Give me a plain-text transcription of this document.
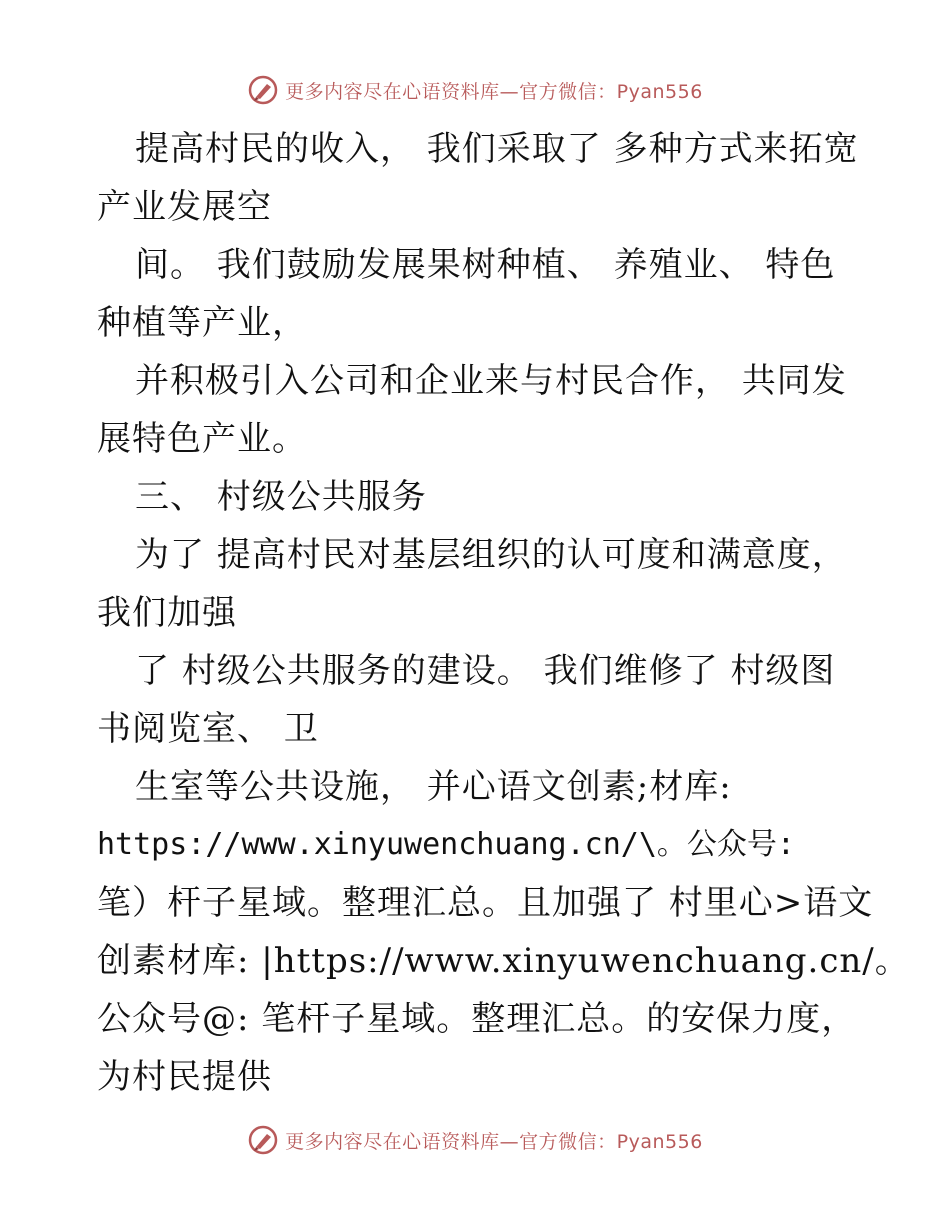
更多内容尽在心语资料库—官方微信：Pyan556
提高村民的收入， 我们采取了 多种方式来拓宽
产业发展空
间。 我们鼓励发展果树种植、 养殖业、 特色
种植等产业，
并积极引入公司和企业来与村民合作， 共同发
展特色产业。
三、 村级公共服务
为了 提高村民对基层组织的认可度和满意度，
我们加强
了 村级公共服务的建设。 我们维修了 村级图
书阅览室、 卫
生室等公共设施， 并心语文创素;材库:
https://www.xinyuwenchuang.cn/\。公众号:
笔）杆子星域。整理汇总。且加强了 村里心>语文
创素材库: |https://www.xinyuwenchuang.cn/。
公众号@: 笔杆子星域。整理汇总。的安保力度，
为村民提供
更多内容尽在心语资料库—官方微信：Pyan556
